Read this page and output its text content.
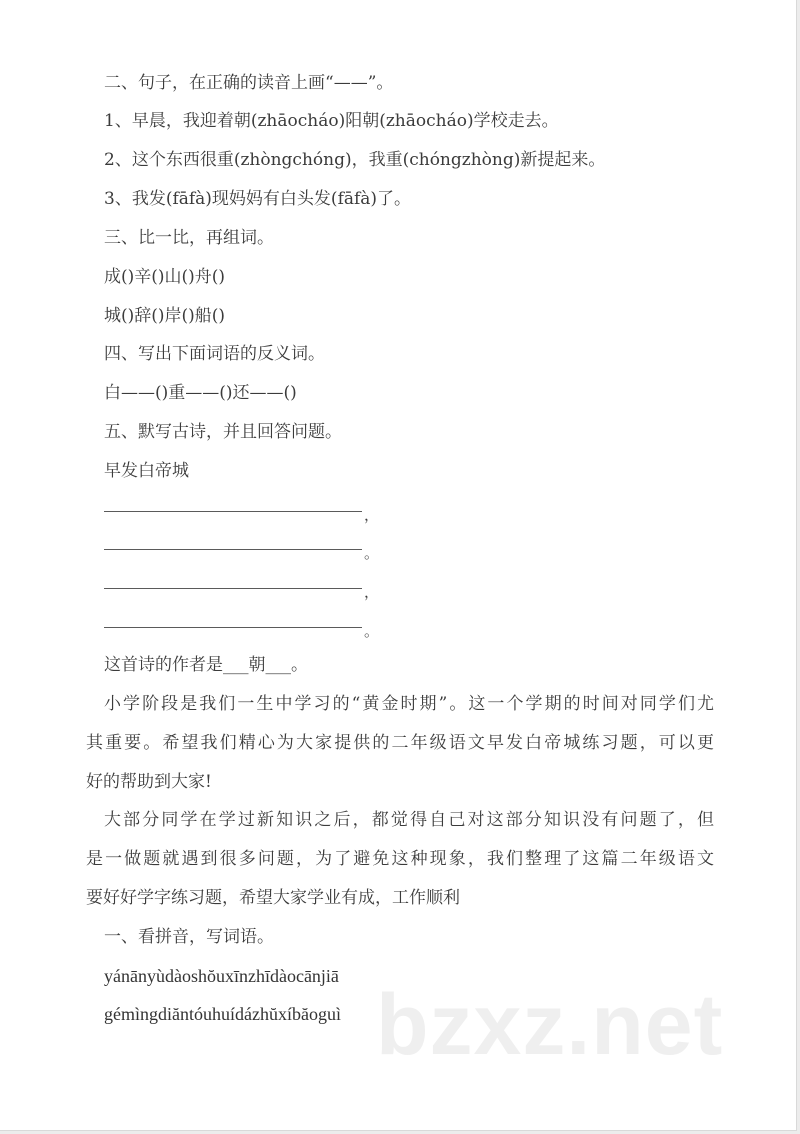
二、句子，在正确的读音上画“——”。
1、早晨，我迎着朝(zhāocháo)阳朝(zhāocháo)学校走去。
2、这个东西很重(zhòngchóng)，我重(chóngzhòng)新提起来。
3、我发(fāfà)现妈妈有白头发(fāfà)了。
三、比一比，再组词。
成()辛()山()舟()
城()辞()岸()船()
四、写出下面词语的反义词。
白——()重——()还——()
五、默写古诗，并且回答问题。
早发白帝城
，
。
，
。
这首诗的作者是___朝___。
小学阶段是我们一生中学习的“黄金时期”。这一个学期的时间对同学们尤
其重要。希望我们精心为大家提供的二年级语文早发白帝城练习题，可以更
好的帮助到大家!
大部分同学在学过新知识之后，都觉得自己对这部分知识没有问题了，但
是一做题就遇到很多问题，为了避免这种现象，我们整理了这篇二年级语文
要好好学字练习题，希望大家学业有成，工作顺利
一、看拼音，写词语。
yánānyùdàoshŏuxīnzhīdàocānjiā
gémìngdiăntóuhuídázhŭxíbăoguì bzxz.net
